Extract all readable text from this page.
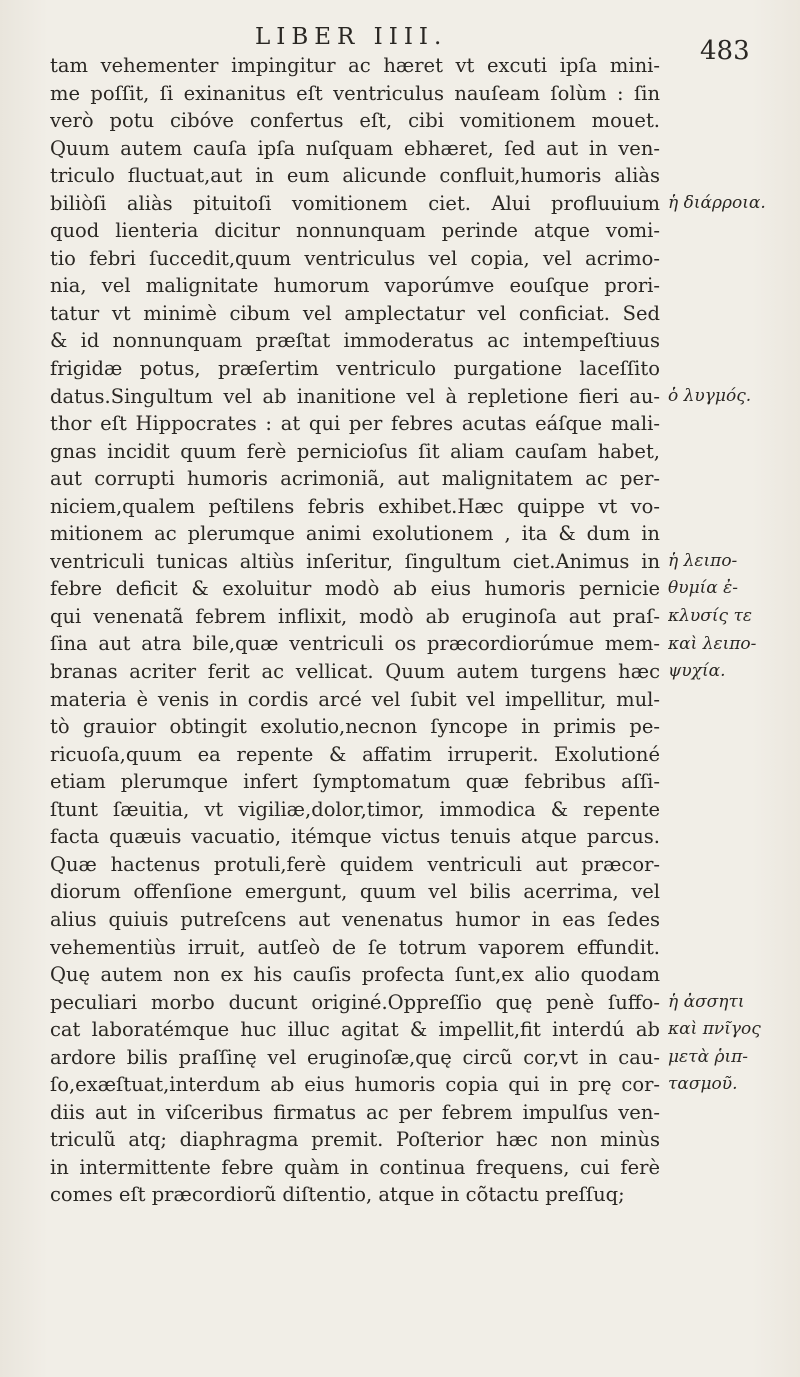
LIBER IIII.	483
tam vehementer impingitur ac hæret vt excuti ipſa mini-
me poſſit, ſi exinanitus eſt ventriculus nauſeam ſolùm : ſin
verò potu cibóve confertus eſt, cibi vomitionem mouet.
Quum autem cauſa ipſa nuſquam ebhæret, ſed aut in ven-
triculo fluctuat,aut in eum alicunde confluit,humoris aliàs
biliòſi aliàs pituitoſi vomitionem ciet. Alui profluuium
quod lienteria dicitur nonnunquam perinde atque vomi-
tio febri ſuccedit,quum ventriculus vel copia, vel acrimo-
nia, vel malignitate humorum vaporúmve eouſque prori-
tatur vt minimè cibum vel amplectatur vel conficiat. Sed
& id nonnunquam præſtat immoderatus ac intempeſtiuus
frigidæ potus, præſertim ventriculo purgatione laceſſito
datus.Singultum vel ab inanitione vel à repletione fieri au-
thor eſt Hippocrates : at qui per febres acutas eáſque mali-
gnas incidit quum ferè pernicioſus ſit aliam cauſam habet,
aut corrupti humoris acrimoniã, aut malignitatem ac per-
niciem,qualem peſtilens febris exhibet.Hæc quippe vt vo-
mitionem ac plerumque animi exolutionem , ita & dum in
ventriculi tunicas altiùs inſeritur, ſingultum ciet.Animus in
febre deficit & exoluitur modò ab eius humoris pernicie
qui venenatã febrem inflixit, modò ab eruginoſa aut praſ-
ſina aut atra bile,quæ ventriculi os præcordiorúmue mem-
branas acriter ferit ac vellicat. Quum autem turgens hæc
materia è venis in cordis arcé vel ſubit vel impellitur, mul-
tò grauior obtingit exolutio,necnon ſyncope in primis pe-
ricuoſa,quum ea repente & affatim irruperit. Exolutioné
etiam plerumque infert ſymptomatum quæ febribus aſſi-
ſtunt ſæuitia, vt vigiliæ,dolor,timor, immodica & repente
facta quæuis vacuatio, itémque victus tenuis atque parcus.
Quæ hactenus protuli,ferè quidem ventriculi aut præcor-
diorum offenſione emergunt, quum vel bilis acerrima, vel
alius quiuis putreſcens aut venenatus humor in eas ſedes
vehementiùs irruit, autſeò de ſe totrum vaporem effundit.
Quę autem non ex his cauſis profecta ſunt,ex alio quodam
peculiari morbo ducunt originé.Oppreſſio quę penè ſuffo-
cat laboratémque huc illuc agitat & impellit,fit interdú ab
ardore bilis praſſinę vel eruginoſæ,quę circũ cor,vt in cau-
ſo,exæſtuat,interdum ab eius humoris copia qui in prę cor-
diis aut in viſceribus firmatus ac per febrem impulſus ven-
triculũ atq; diaphragma premit. Poſterior hæc non minùs
in intermittente febre quàm in continua frequens, cui ferè
comes eſt præcordiorũ diſtentio, atque in cõtactu preſſuq;
ἡ διάρροια.
ὁ λυγμός.
ἡ λειπο-
θυμία ἐ-
κλυσίς τε
καὶ λειπο-
ψυχία.
ἡ ἀσσητι
καὶ πνῖγος
μετὰ ῥιπ-
τασμοῦ.
